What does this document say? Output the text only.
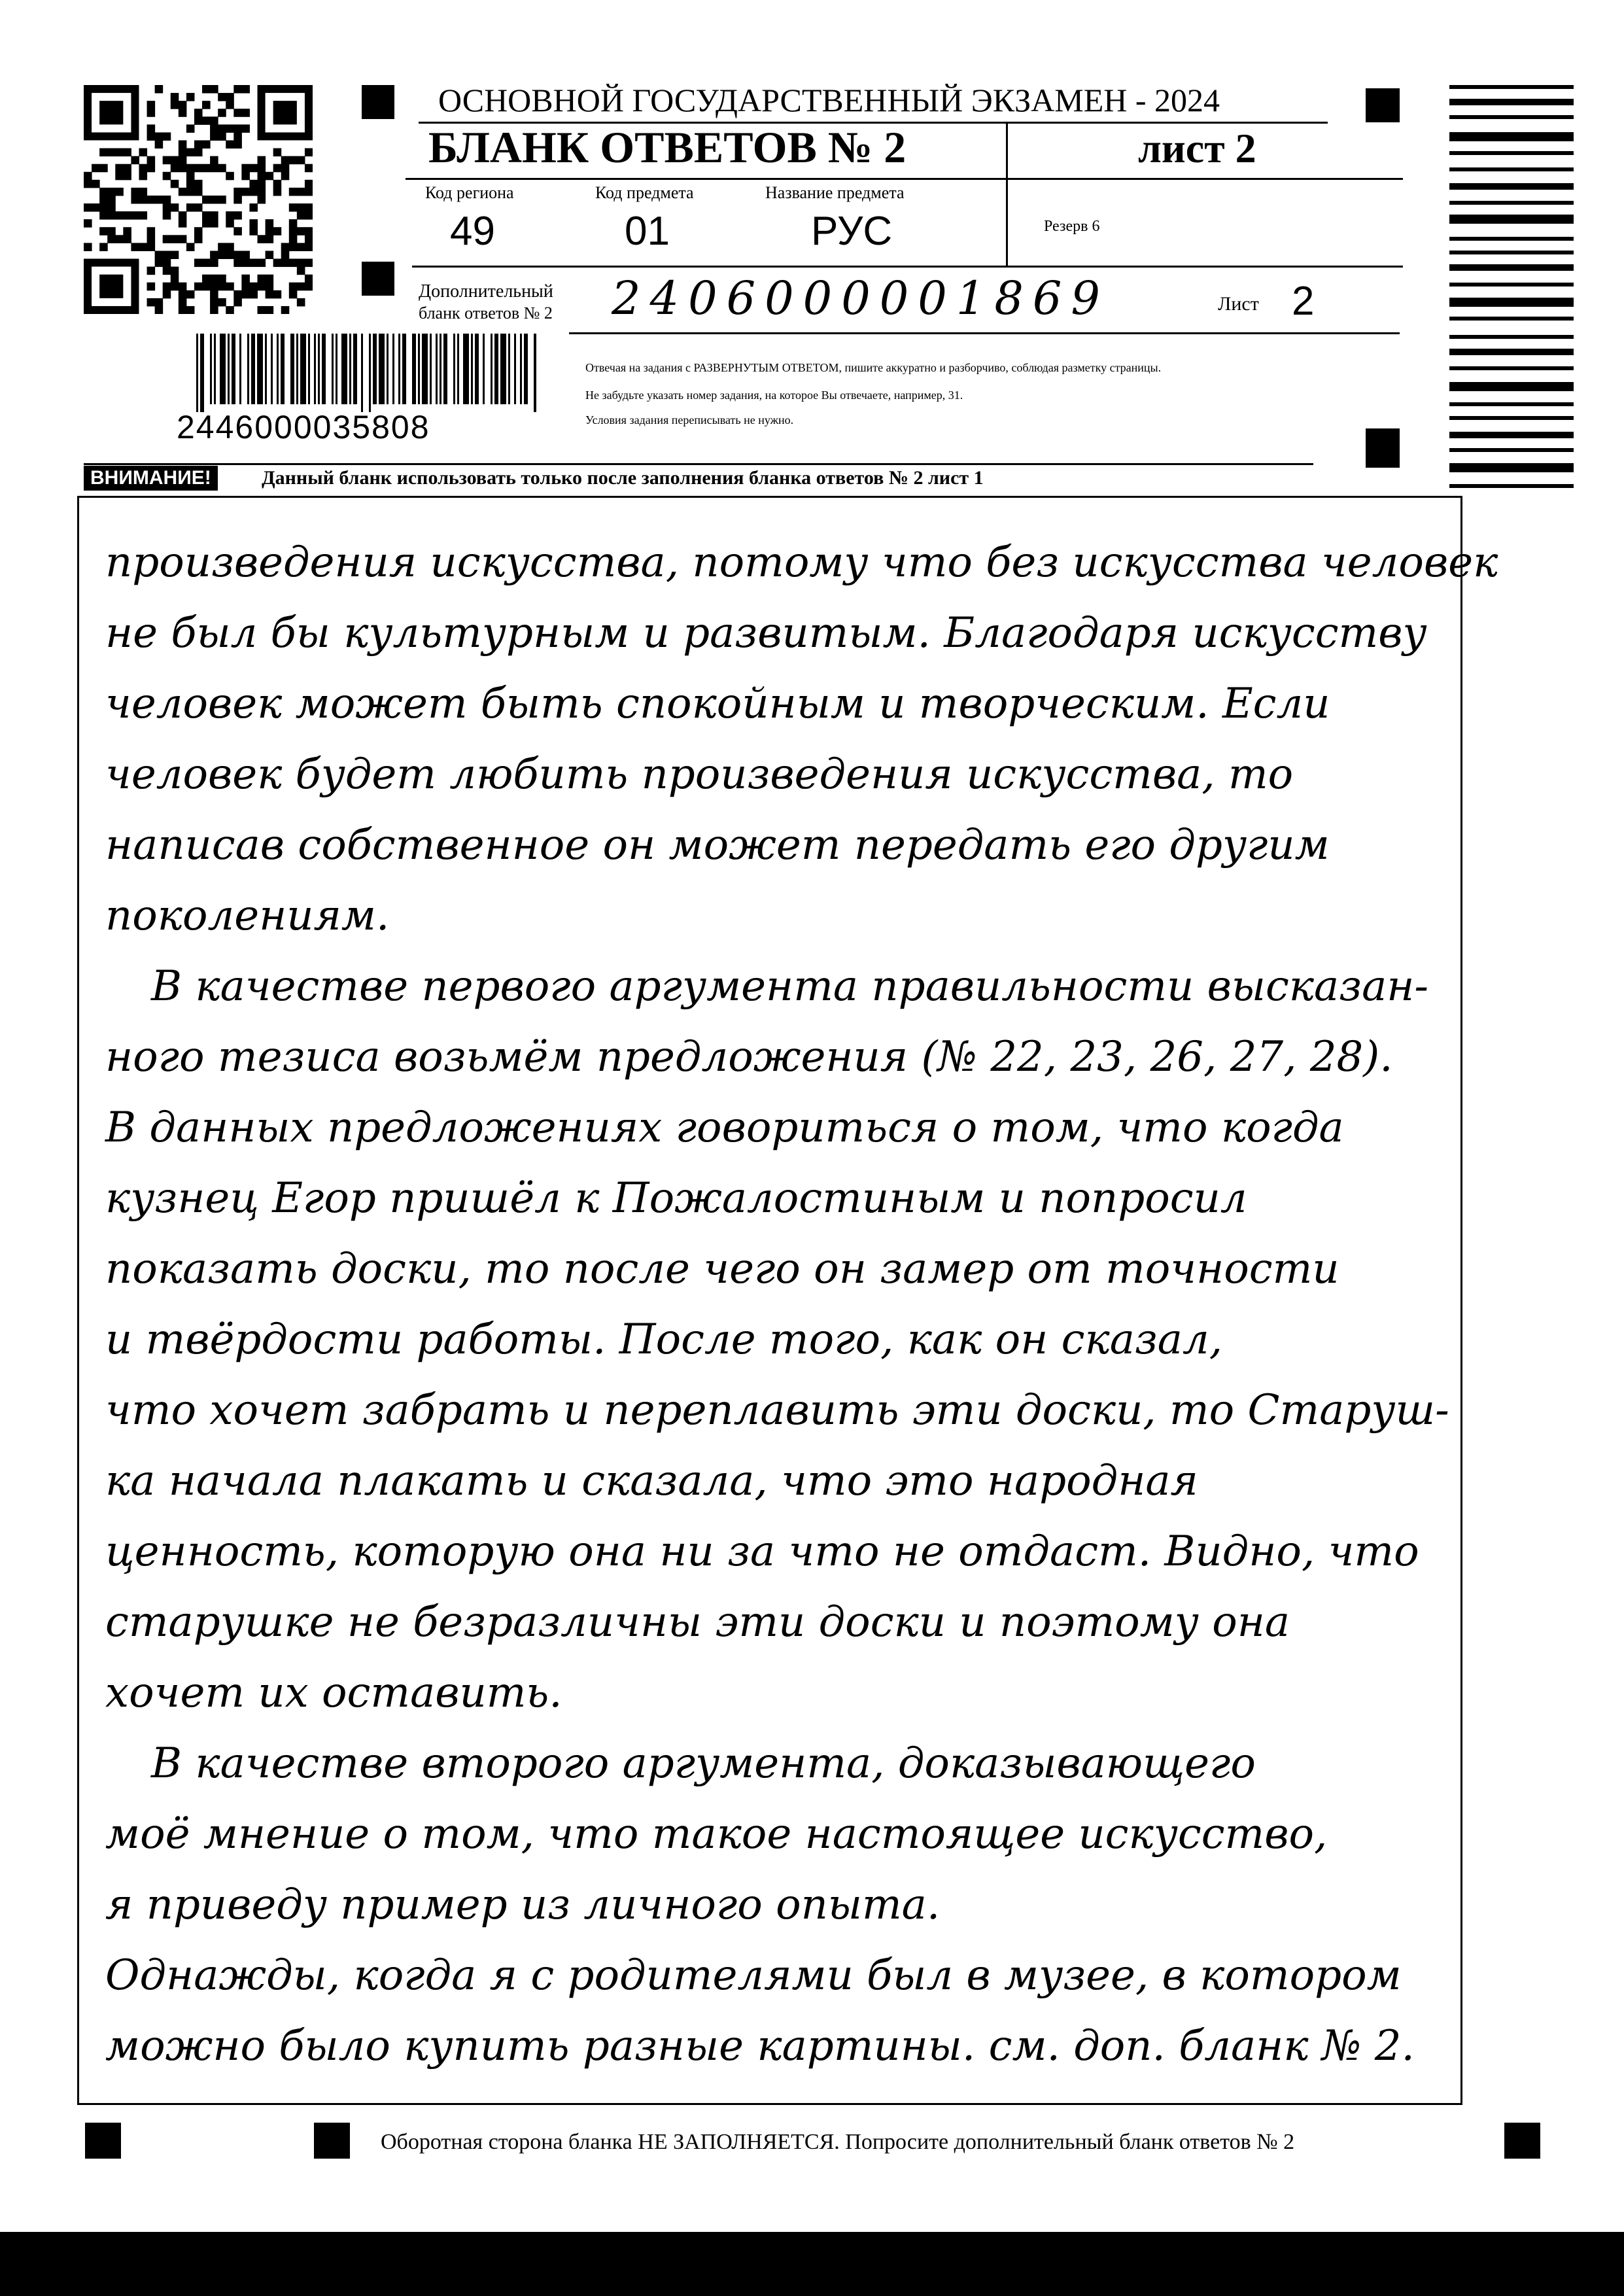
ОСНОВНОЙ ГОСУДАРСТВЕННЫЙ ЭКЗАМЕН - 2024
БЛАНК ОТВЕТОВ № 2	лист 2
Код региона	Код предмета	Название предмета
49	01	РУС	Резерв 6
Дополнительный
бланк ответов № 2 2406000001869	Лист 2
Отвечая на задания с РАЗВЕРНУТЫМ ОТВЕТОМ, пишите аккуратно и разборчиво, соблюдая разметку страницы.
Не забудьте указать номер задания, на которое Вы отвечаете, например, 31.
Условия задания переписывать не нужно.
2446000035808
ВНИМАНИЕ!	Данный бланк использовать только после заполнения бланка ответов № 2 лист 1
произведения искусства, потому что без искусства человек
не был бы культурным и развитым. Благодаря искусству
человек может быть спокойным и творческим. Если
человек будет любить произведения искусства, то
написав собственное он может передать его другим
поколениям.
В качестве первого аргумента правильности высказан-
ного тезиса возьмём предложения (№ 22, 23, 26, 27, 28).
В данных предложениях говориться о том, что когда
кузнец Егор пришёл к Пожалостиным и попросил
показать доски, то после чего он замер от точности
и твёрдости работы. После того, как он сказал,
что хочет забрать и переплавить эти доски, то Старуш-
ка начала плакать и сказала, что это народная
ценность, которую она ни за что не отдаст. Видно, что
старушке не безразличны эти доски и поэтому она
хочет их оставить.
В качестве второго аргумента, доказывающего
моё мнение о том, что такое настоящее искусство,
я приведу пример из личного опыта.
Однажды, когда я с родителями был в музее, в котором
можно было купить разные картины. см. доп. бланк № 2.
Оборотная сторона бланка НЕ ЗАПОЛНЯЕТСЯ. Попросите дополнительный бланк ответов № 2
